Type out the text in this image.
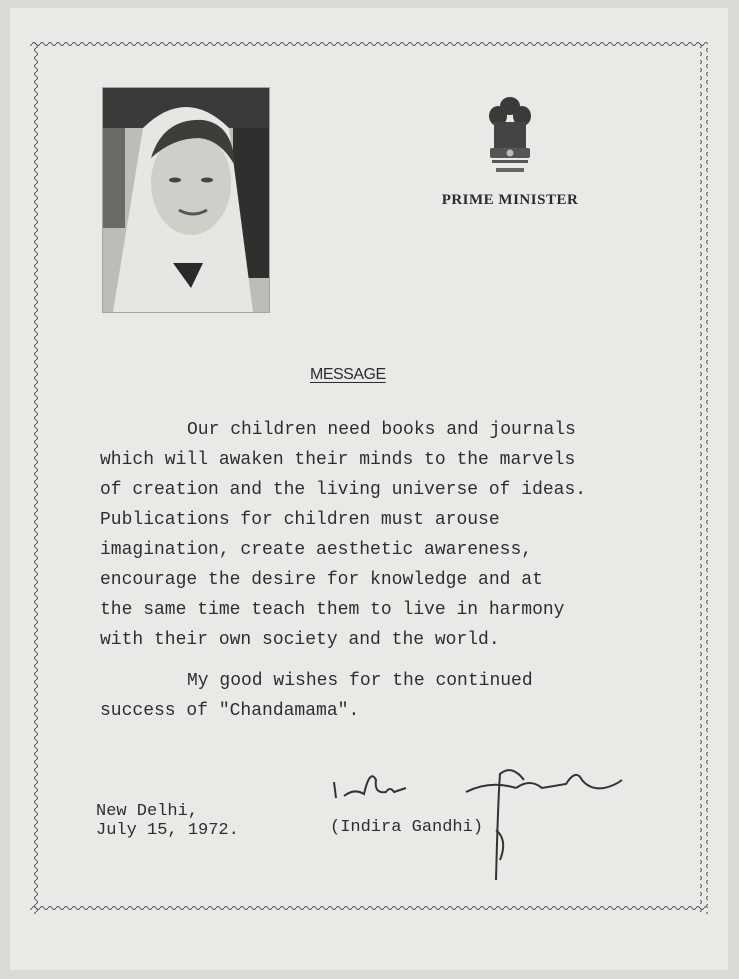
PRIME MINISTER
MESSAGE

Our children need books and journals
which will awaken their minds to the marvels
of creation and the living universe of ideas.
Publications for children must arouse
imagination, create aesthetic awareness,
encourage the desire for knowledge and at
the same time teach them to live in harmony
with their own society and the world.

My good wishes for the continued
success of "Chandamama".

New Delhi,
July 15, 1972.	(Indira Gandhi)
